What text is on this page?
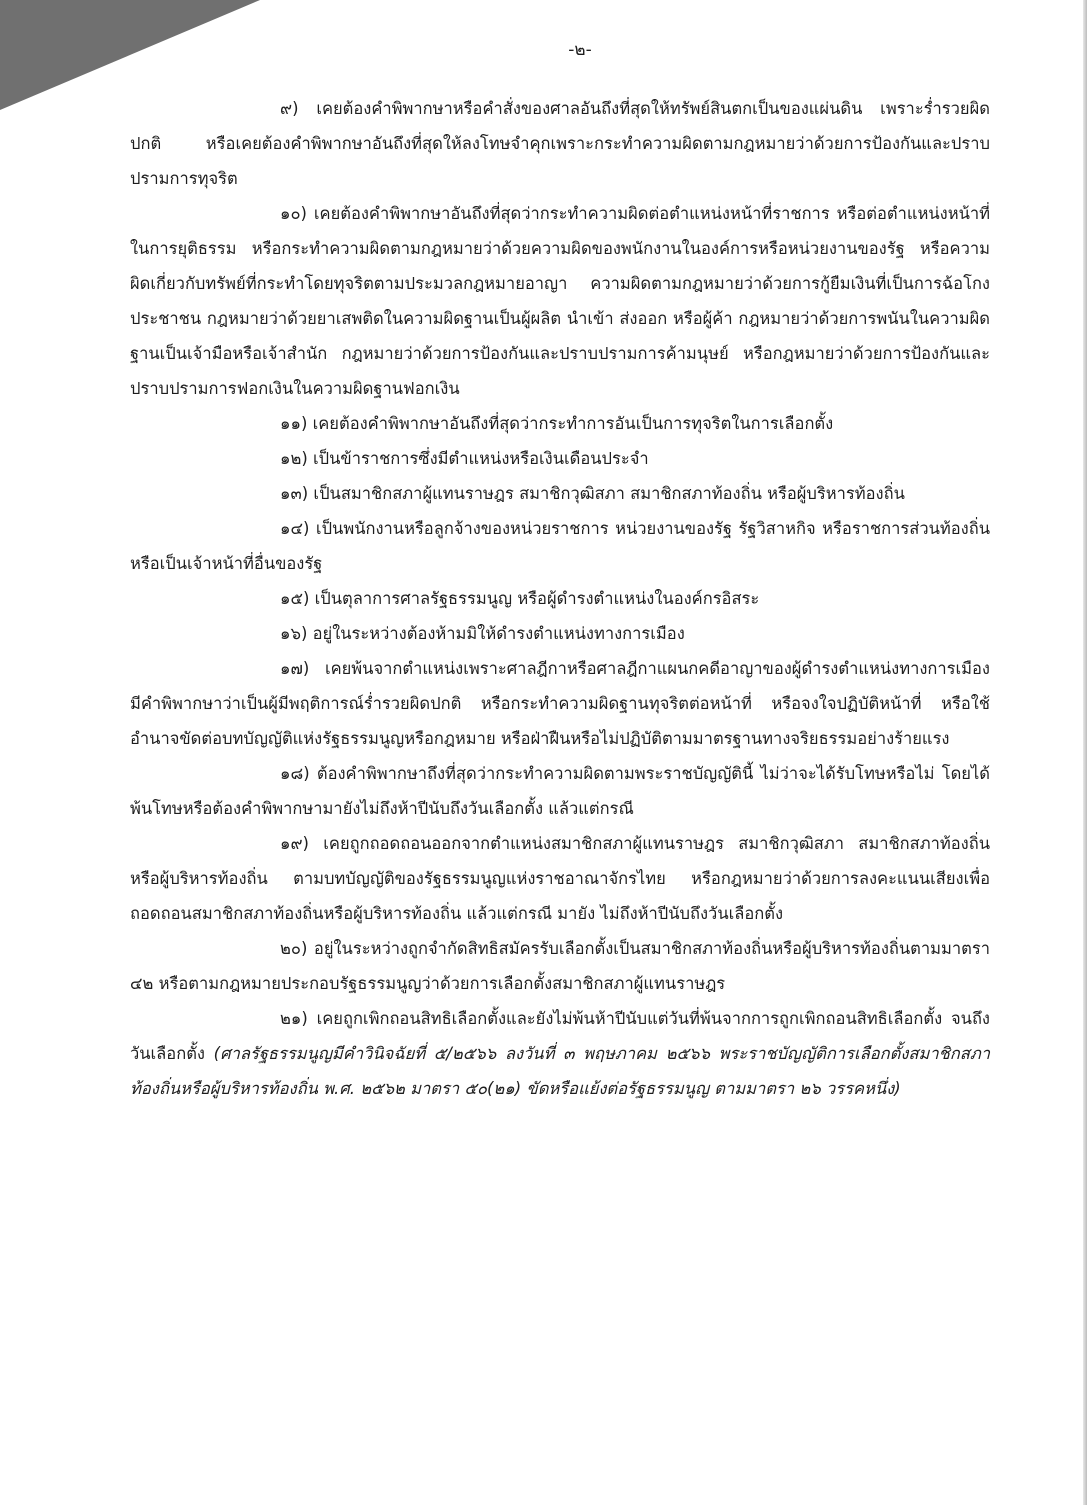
-๒-

๙) เคยต้องคำพิพากษาหรือคำสั่งของศาลอันถึงที่สุดให้ทรัพย์สินตกเป็นของแผ่นดิน เพราะร่ำรวยผิดปกติ หรือเคยต้องคำพิพากษาอันถึงที่สุดให้ลงโทษจำคุกเพราะกระทำความผิดตามกฎหมายว่าด้วยการป้องกันและปราบปรามการทุจริต

๑๐) เคยต้องคำพิพากษาอันถึงที่สุดว่ากระทำความผิดต่อตำแหน่งหน้าที่ราชการ หรือต่อตำแหน่งหน้าที่ในการยุติธรรม หรือกระทำความผิดตามกฎหมายว่าด้วยความผิดของพนักงานในองค์การหรือหน่วยงานของรัฐ หรือความผิดเกี่ยวกับทรัพย์ที่กระทำโดยทุจริตตามประมวลกฎหมายอาญา ความผิดตามกฎหมายว่าด้วยการกู้ยืมเงินที่เป็นการฉ้อโกงประชาชน กฎหมายว่าด้วยยาเสพติดในความผิดฐานเป็นผู้ผลิต นำเข้า ส่งออก หรือผู้ค้า กฎหมายว่าด้วยการพนันในความผิดฐานเป็นเจ้ามือหรือเจ้าสำนัก กฎหมายว่าด้วยการป้องกันและปราบปรามการค้ามนุษย์ หรือกฎหมายว่าด้วยการป้องกันและปราบปรามการฟอกเงินในความผิดฐานฟอกเงิน

๑๑) เคยต้องคำพิพากษาอันถึงที่สุดว่ากระทำการอันเป็นการทุจริตในการเลือกตั้ง

๑๒) เป็นข้าราชการซึ่งมีตำแหน่งหรือเงินเดือนประจำ

๑๓) เป็นสมาชิกสภาผู้แทนราษฎร สมาชิกวุฒิสภา สมาชิกสภาท้องถิ่น หรือผู้บริหารท้องถิ่น

๑๔) เป็นพนักงานหรือลูกจ้างของหน่วยราชการ หน่วยงานของรัฐ รัฐวิสาหกิจ หรือราชการส่วนท้องถิ่น หรือเป็นเจ้าหน้าที่อื่นของรัฐ

๑๕) เป็นตุลาการศาลรัฐธรรมนูญ หรือผู้ดำรงตำแหน่งในองค์กรอิสระ

๑๖) อยู่ในระหว่างต้องห้ามมิให้ดำรงตำแหน่งทางการเมือง

๑๗) เคยพ้นจากตำแหน่งเพราะศาลฎีกาหรือศาลฎีกาแผนกคดีอาญาของผู้ดำรงตำแหน่งทางการเมือง มีคำพิพากษาว่าเป็นผู้มีพฤติการณ์ร่ำรวยผิดปกติ หรือกระทำความผิดฐานทุจริตต่อหน้าที่ หรือจงใจปฏิบัติหน้าที่ หรือใช้อำนาจขัดต่อบทบัญญัติแห่งรัฐธรรมนูญหรือกฎหมาย หรือฝ่าฝืนหรือไม่ปฏิบัติตามมาตรฐานทางจริยธรรมอย่างร้ายแรง

๑๘) ต้องคำพิพากษาถึงที่สุดว่ากระทำความผิดตามพระราชบัญญัตินี้ ไม่ว่าจะได้รับโทษหรือไม่ โดยได้พ้นโทษหรือต้องคำพิพากษามายังไม่ถึงห้าปีนับถึงวันเลือกตั้ง แล้วแต่กรณี

๑๙) เคยถูกถอดถอนออกจากตำแหน่งสมาชิกสภาผู้แทนราษฎร สมาชิกวุฒิสภา สมาชิกสภาท้องถิ่นหรือผู้บริหารท้องถิ่น ตามบทบัญญัติของรัฐธรรมนูญแห่งราชอาณาจักรไทย หรือกฎหมายว่าด้วยการลงคะแนนเสียงเพื่อถอดถอนสมาชิกสภาท้องถิ่นหรือผู้บริหารท้องถิ่น แล้วแต่กรณี มายัง ไม่ถึงห้าปีนับถึงวันเลือกตั้ง

๒๐) อยู่ในระหว่างถูกจำกัดสิทธิสมัครรับเลือกตั้งเป็นสมาชิกสภาท้องถิ่นหรือผู้บริหารท้องถิ่นตามมาตรา ๔๒ หรือตามกฎหมายประกอบรัฐธรรมนูญว่าด้วยการเลือกตั้งสมาชิกสภาผู้แทนราษฎร

๒๑) เคยถูกเพิกถอนสิทธิเลือกตั้งและยังไม่พ้นห้าปีนับแต่วันที่พ้นจากการถูกเพิกถอนสิทธิเลือกตั้ง จนถึงวันเลือกตั้ง (ศาลรัฐธรรมนูญมีคำวินิจฉัยที่ ๕/๒๕๖๖ ลงวันที่ ๓ พฤษภาคม ๒๕๖๖ พระราชบัญญัติการเลือกตั้งสมาชิกสภาท้องถิ่นหรือผู้บริหารท้องถิ่น พ.ศ. ๒๕๖๒ มาตรา ๕๐(๒๑) ขัดหรือแย้งต่อรัฐธรรมนูญ ตามมาตรา ๒๖ วรรคหนึ่ง)
